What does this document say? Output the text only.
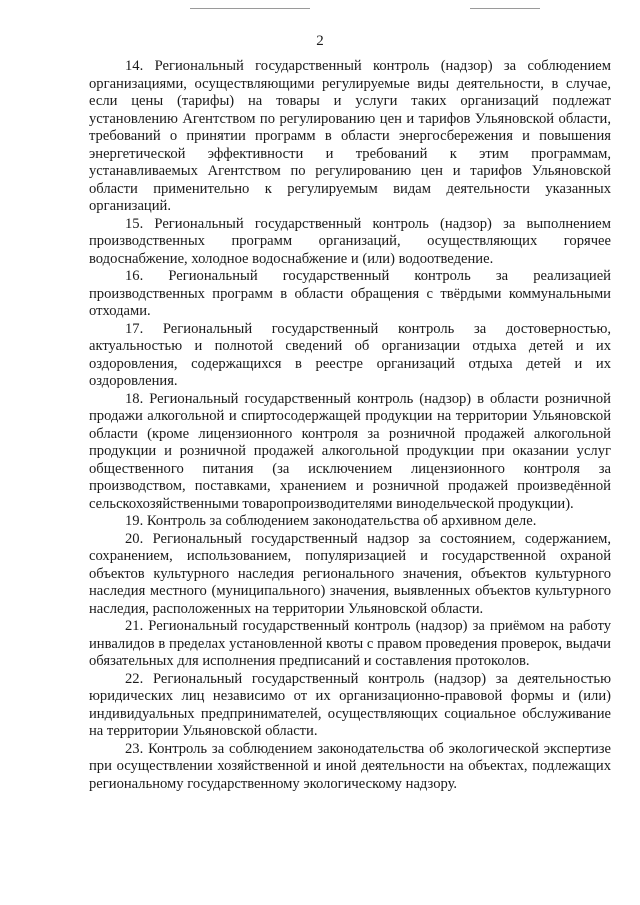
2

14. Региональный государственный контроль (надзор) за соблюдением организациями, осуществляющими регулируемые виды деятельности, в случае, если цены (тарифы) на товары и услуги таких организаций подлежат установлению Агентством по регулированию цен и тарифов Ульяновской области, требований о принятии программ в области энергосбережения и повышения энергетической эффективности и требований к этим программам, устанавливаемых Агентством по регулированию цен и тарифов Ульяновской области применительно к регулируемым видам деятельности указанных организаций.

15. Региональный государственный контроль (надзор) за выполнением производственных программ организаций, осуществляющих горячее водоснабжение, холодное водоснабжение и (или) водоотведение.

16. Региональный государственный контроль за реализацией производственных программ в области обращения с твёрдыми коммунальными отходами.

17. Региональный государственный контроль за достоверностью, актуальностью и полнотой сведений об организации отдыха детей и их оздоровления, содержащихся в реестре организаций отдыха детей и их оздоровления.

18. Региональный государственный контроль (надзор) в области розничной продажи алкогольной и спиртосодержащей продукции на территории Ульяновской области (кроме лицензионного контроля за розничной продажей алкогольной продукции и розничной продажей алкогольной продукции при оказании услуг общественного питания (за исключением лицензионного контроля за производством, поставками, хранением и розничной продажей произведённой сельскохозяйственными товаропроизводителями винодельческой продукции).

19. Контроль за соблюдением законодательства об архивном деле.

20. Региональный государственный надзор за состоянием, содержанием, сохранением, использованием, популяризацией и государственной охраной объектов культурного наследия регионального значения, объектов культурного наследия местного (муниципального) значения, выявленных объектов культурного наследия, расположенных на территории Ульяновской области.

21. Региональный государственный контроль (надзор) за приёмом на работу инвалидов в пределах установленной квоты с правом проведения проверок, выдачи обязательных для исполнения предписаний и составления протоколов.

22. Региональный государственный контроль (надзор) за деятельностью юридических лиц независимо от их организационно-правовой формы и (или) индивидуальных предпринимателей, осуществляющих социальное обслуживание на территории Ульяновской области.

23. Контроль за соблюдением законодательства об экологической экспертизе при осуществлении хозяйственной и иной деятельности на объектах, подлежащих региональному государственному экологическому надзору.
